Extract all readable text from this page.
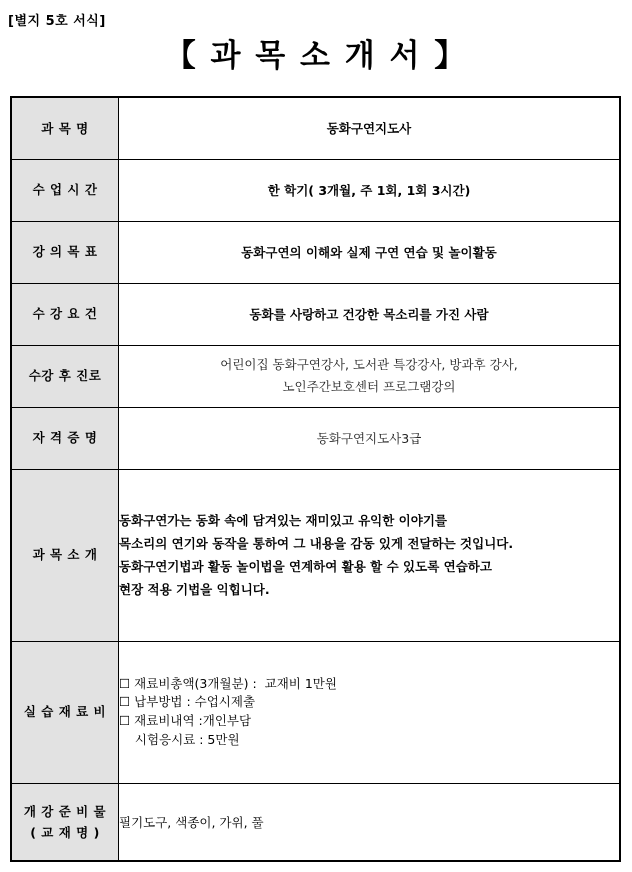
[별지 5호 서식]
【 과 목 소 개 서 】
과 목 명	동화구연지도사
수 업 시 간	한 학기( 3개월, 주 1회, 1회 3시간)
강 의 목 표	동화구연의 이해와 실제 구연 연습 및 놀이활동
수 강 요 건	동화를 사랑하고 건강한 목소리를 가진 사람
수강 후 진로	어린이집 동화구연강사, 도서관 특강강사, 방과후 강사,
노인주간보호센터 프로그램강의

자 격 증 명	동화구연지도사3급
과 목 소 개	동화구연가는 동화 속에 담겨있는 재미있고 유익한 이야기를

목소리의 연기와 동작을 통하여 그 내용을 감동 있게 전달하는 것입니다.

동화구연기법과 활동 놀이법을 연계하여 활용 할 수 있도록 연습하고

현장 적용 기법을 익힙니다.

실 습 재 료 비	☐ 재료비총액(3개월분) :  교재비 1만원
☐ 납부방법 : 수업시제출
☐ 재료비내역 :개인부담
시험응시료 : 5만원

개 강 준 비 물
( 교 재 명 )	필기도구, 색종이, 가위, 풀
